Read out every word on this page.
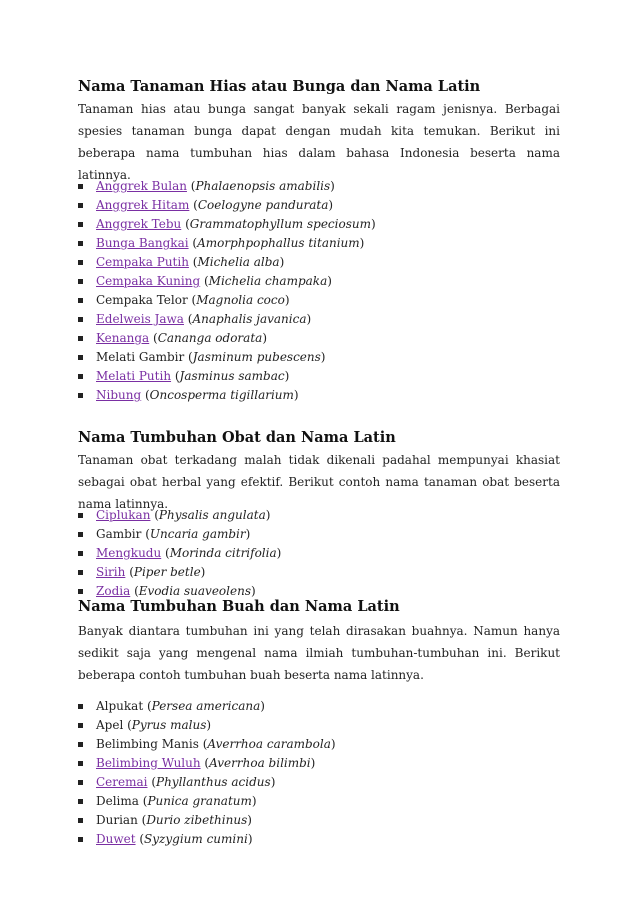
Nama Tanaman Hias atau Bunga dan Nama Latin

Tanaman hias atau bunga sangat banyak sekali ragam jenisnya. Berbagai spesies tanaman bunga dapat dengan mudah kita temukan. Berikut ini beberapa nama tumbuhan hias dalam bahasa Indonesia beserta nama latinnya.

Anggrek Bulan (Phalaenopsis amabilis)
Anggrek Hitam (Coelogyne pandurata)
Anggrek Tebu (Grammatophyllum speciosum)
Bunga Bangkai (Amorphpophallus titanium)
Cempaka Putih (Michelia alba)
Cempaka Kuning (Michelia champaka)
Cempaka Telor (Magnolia coco)
Edelweis Jawa (Anaphalis javanica)
Kenanga (Cananga odorata)
Melati Gambir (Jasminum pubescens)
Melati Putih (Jasminus sambac)
Nibung (Oncosperma tigillarium)
Nama Tumbuhan Obat dan Nama Latin

Tanaman obat terkadang malah tidak dikenali padahal mempunyai khasiat sebagai obat herbal yang efektif. Berikut contoh nama tanaman obat beserta nama latinnya.

Ciplukan (Physalis angulata)
Gambir (Uncaria gambir)
Mengkudu (Morinda citrifolia)
Sirih (Piper betle)
Zodia (Evodia suaveolens)
Nama Tumbuhan Buah dan Nama Latin

Banyak diantara tumbuhan ini yang telah dirasakan buahnya. Namun hanya sedikit saja yang mengenal nama ilmiah tumbuhan-tumbuhan ini. Berikut beberapa contoh tumbuhan buah beserta nama latinnya.

Alpukat (Persea americana)
Apel (Pyrus malus)
Belimbing Manis (Averrhoa carambola)
Belimbing Wuluh (Averrhoa bilimbi)
Ceremai (Phyllanthus acidus)
Delima (Punica granatum)
Durian (Durio zibethinus)
Duwet (Syzygium cumini)
